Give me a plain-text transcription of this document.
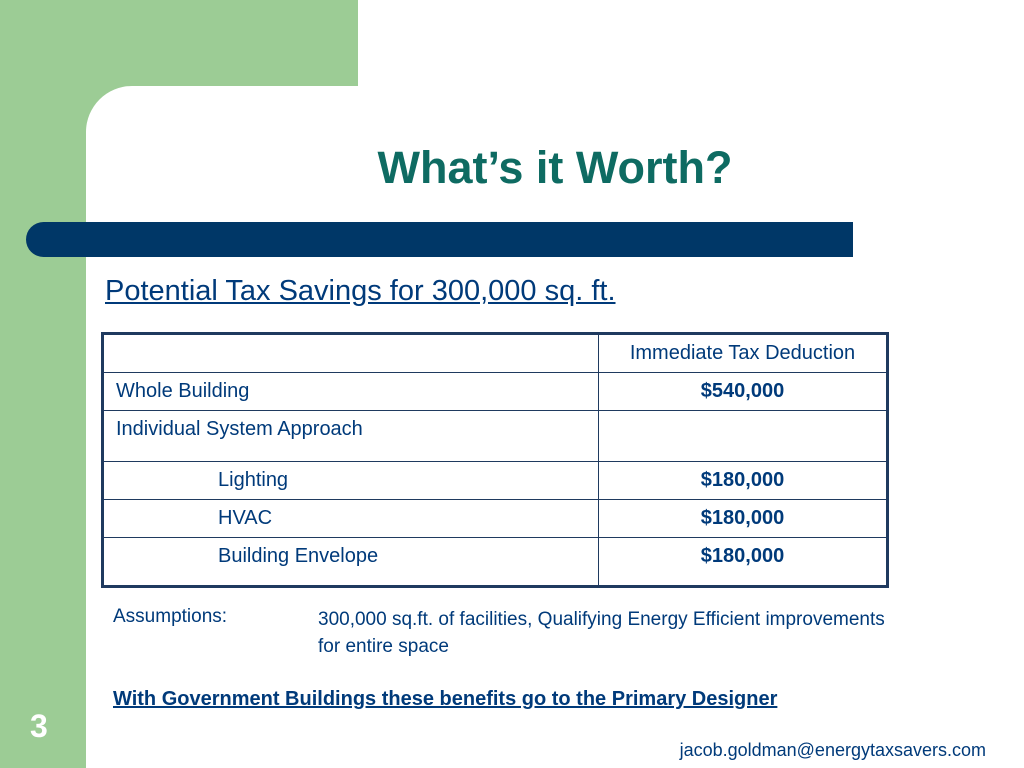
What’s it Worth?
Potential Tax Savings for 300,000 sq. ft.
	Immediate Tax Deduction
Whole Building	$540,000
Individual System Approach	
Lighting	$180,000
HVAC	$180,000
Building Envelope	$180,000
Assumptions:	300,000 sq.ft. of facilities, Qualifying Energy Efficient improvements for entire space
With Government Buildings these benefits go to the Primary Designer
3
jacob.goldman@energytaxsavers.com
